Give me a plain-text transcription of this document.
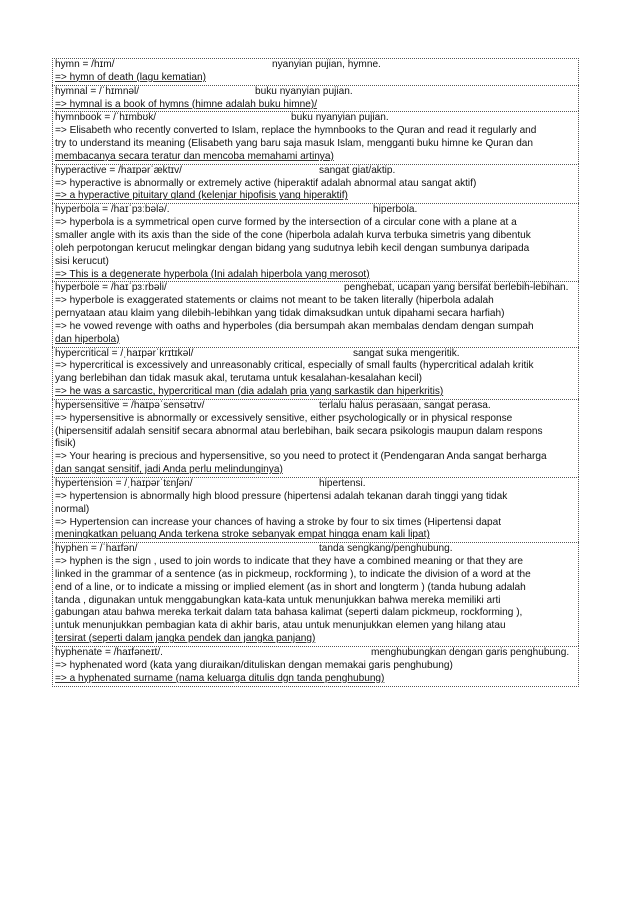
hymn = /hɪm/	nyanyian pujian, hymne.
=> hymn of death (lagu kematian)
hymnal = /ˈhɪmnəl/	buku nyanyian pujian.
=> hymnal is a book of hymns (himne adalah buku himne)/
hymnbook = /ˈhɪmbʊk/	buku nyanyian pujian.
=> Elisabeth who recently converted to Islam, replace the hymnbooks to the Quran and read it regularly and
try to understand its meaning (Elisabeth yang baru saja masuk Islam, mengganti buku himne ke Quran dan
membacanya secara teratur dan mencoba memahami artinya)
hyperactive = /haɪpərˈæktɪv/	sangat giat/aktip.
=> hyperactive is abnormally or extremely active (hiperaktif adalah abnormal atau sangat aktif)
=> a hyperactive pituitary gland (kelenjar hipofisis yang hiperaktif)
hyperbola = /haɪˈpɜːbələ/.	hiperbola.
=> hyperbola is a symmetrical open curve formed by the intersection of a circular cone with a plane at a
smaller angle with its axis than the side of the cone (hiperbola adalah kurva terbuka simetris yang dibentuk
oleh perpotongan kerucut melingkar dengan bidang yang sudutnya lebih kecil dengan sumbunya daripada
sisi kerucut)
=> This is a degenerate hyperbola (Ini adalah hiperbola yang merosot)
hyperbole = /haɪˈpɜːrbəli/	penghebat, ucapan yang bersifat berlebih-lebihan.
=> hyperbole is exaggerated statements or claims not meant to be taken literally (hiperbola adalah
pernyataan atau klaim yang dilebih-lebihkan yang tidak dimaksudkan untuk dipahami secara harfiah)
=> he vowed revenge with oaths and hyperboles (dia bersumpah akan membalas dendam dengan sumpah
dan hiperbola)
hypercritical = /ˌhaɪpərˈkrɪtɪkəl/	sangat suka mengeritik.
=> hypercritical is excessively and unreasonably critical, especially of small faults (hypercritical adalah kritik
yang berlebihan dan tidak masuk akal, terutama untuk kesalahan-kesalahan kecil)
=> he was a sarcastic, hypercritical man (dia adalah pria yang sarkastik dan hiperkritis)
hypersensitive = /haɪpəˈsensətɪv/	terlalu halus perasaan, sangat perasa.
=> hypersensitive is abnormally or excessively sensitive, either psychologically or in physical response
(hipersensitif adalah sensitif secara abnormal atau berlebihan, baik secara psikologis maupun dalam respons
fisik)
=> Your hearing is precious and hypersensitive, so you need to protect it (Pendengaran Anda sangat berharga
dan sangat sensitif, jadi Anda perlu melindunginya)
hypertension = /ˌhaɪpərˈtɛnʃən/	hipertensi.
=> hypertension is abnormally high blood pressure (hipertensi adalah tekanan darah tinggi yang tidak
normal)
=> Hypertension can increase your chances of having a stroke by four to six times (Hipertensi dapat
meningkatkan peluang Anda terkena stroke sebanyak empat hingga enam kali lipat)
hyphen = /ˈhaɪfən/	tanda sengkang/penghubung.
=> hyphen is the sign , used to join words to indicate that they have a combined meaning or that they are
linked in the grammar of a sentence (as in pickmeup, rockforming ), to indicate the division of a word at the
end of a line, or to indicate a missing or implied element (as in short and longterm ) (tanda hubung adalah
tanda , digunakan untuk menggabungkan kata-kata untuk menunjukkan bahwa mereka memiliki arti
gabungan atau bahwa mereka terkait dalam tata bahasa kalimat (seperti dalam pickmeup, rockforming ),
untuk menunjukkan pembagian kata di akhir baris, atau untuk menunjukkan elemen yang hilang atau
tersirat (seperti dalam jangka pendek dan jangka panjang)
hyphenate = /haɪfəneɪt/.	menghubungkan dengan garis penghubung.
=> hyphenated word (kata yang diuraikan/dituliskan dengan memakai garis penghubung)
=> a hyphenated surname (nama keluarga ditulis dgn tanda penghubung)
